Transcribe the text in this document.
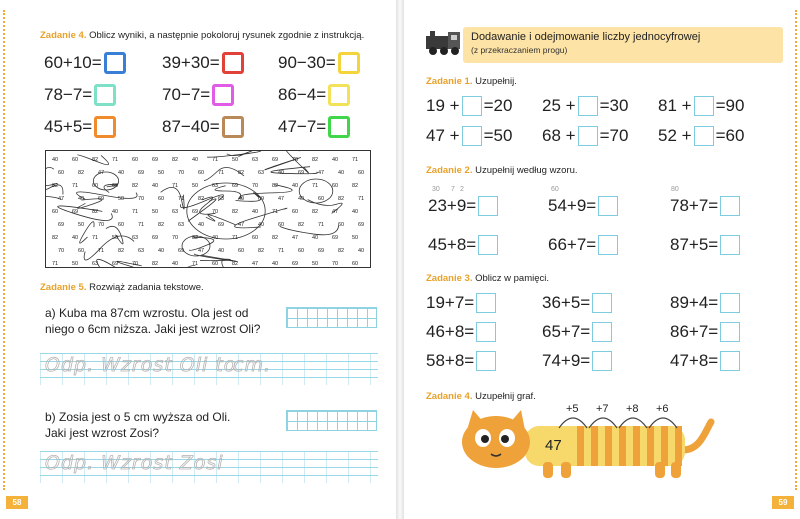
Zadanie 4. Oblicz wyniki, a następnie pokoloruj rysunek zgodnie z instrukcją.
60+10=	39+30=	90−30=
78−7=	70−7=	86−4=
45+5=	87−40=	47−7=
40	60	82	71	60	69	82	40	71	50	63	69	70	82	40	71
60	82	47	40	69	50	70	60	71	82	63	40	69	47	40	60
82	71	60	69	82	40	71	50	63	69	70	82	40	71	60	82
47	40	69	50	70	60	71	82	63	40	69	47	40	60	82	71
60	69	82	40	71	50	63	69	70	82	40	71	60	82	47	40
69	50	70	60	71	82	63	40	69	47	40	60	82	71	60	69
82	40	71	50	63	69	70	82	40	71	60	82	47	40	69	50
70	60	71	82	63	40	69	47	40	60	82	71	60	69	82	40
71	50	63	69	70	82	40	71	60	82	47	40	69	50	70	60
Zadanie 5. Rozwiąż zadania tekstowe.
a) Kuba ma 87cm wzrostu. Ola jest od
niego o 6cm niższa. Jaki jest wzrost Oli?
Odp. Wzrost Oli to
cm.
b) Zosia jest o 5 cm wyższa od Oli.
Jaki jest wzrost Zosi?
Odp. Wzrost Zosi
58
Dodawanie i odejmowanie liczby jednocyfrowej
(z przekraczaniem progu)
Zadanie 1. Uzupełnij.
19 + =20 25 + =30 81 + =90
47 + =50 68 + =70 52 + =60
Zadanie 2. Uzupełnij według wzoru.
30 7 2	60	80
23+9=	54+9=	78+7=
45+8=	66+7=	87+5=
Zadanie 3. Oblicz w pamięci.
19+7=	36+5=	89+4=
46+8=	65+7=	86+7=
58+8=	74+9=	47+8=
Zadanie 4. Uzupełnij graf.
59
47
+5 +7 +8 +6
